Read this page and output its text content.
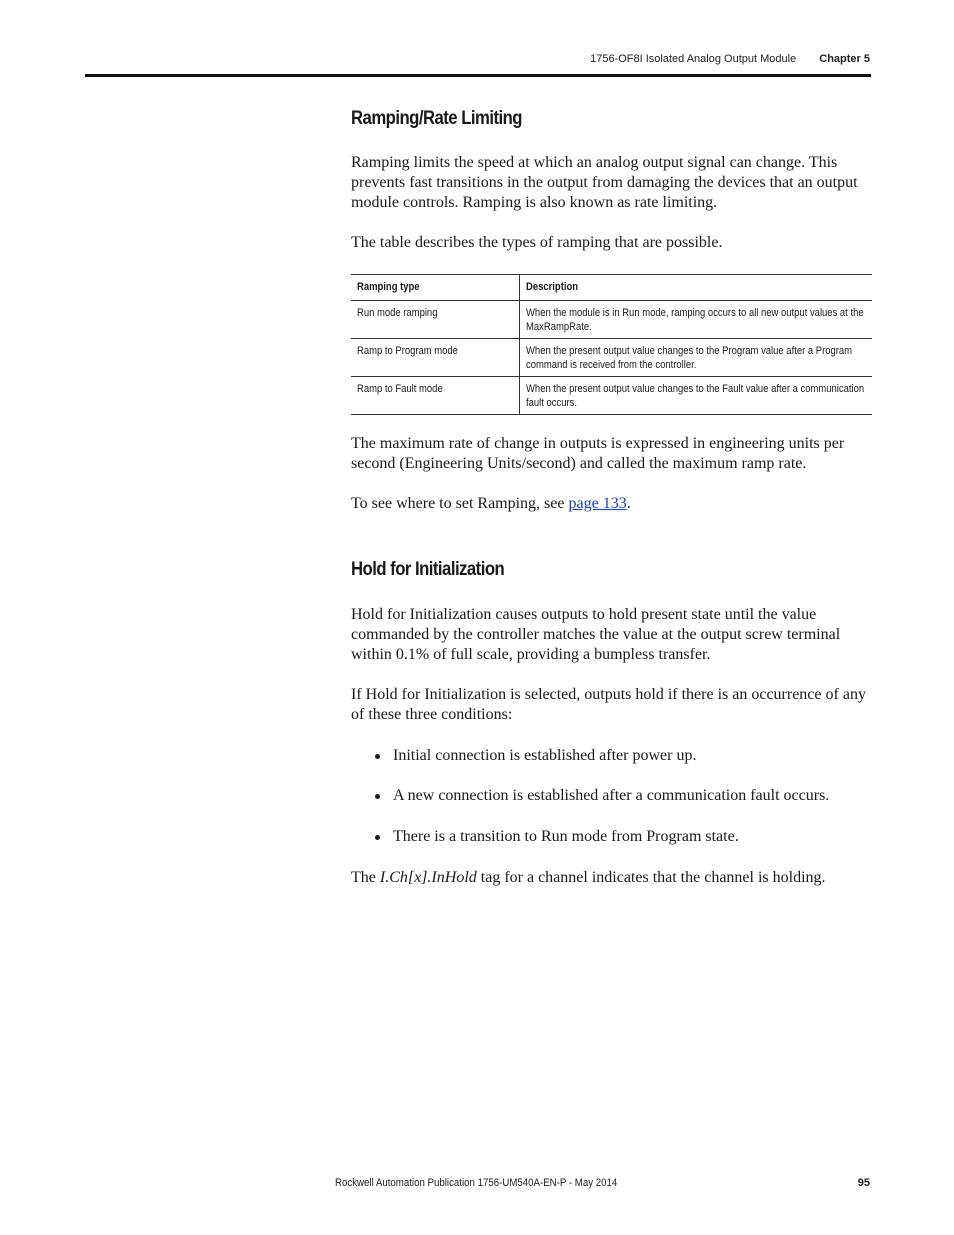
1756-OF8I Isolated Analog Output Module Chapter 5
Ramping/Rate Limiting

Ramping limits the speed at which an analog output signal can change. This prevents fast transitions in the output from damaging the devices that an output module controls. Ramping is also known as rate limiting.

The table describes the types of ramping that are possible.

Ramping type	Description
Run mode ramping	When the module is in Run mode, ramping occurs to all new output values at the MaxRampRate.
Ramp to Program mode	When the present output value changes to the Program value after a Program command is received from the controller.
Ramp to Fault mode	When the present output value changes to the Fault value after a communication fault occurs.

The maximum rate of change in outputs is expressed in engineering units per second (Engineering Units/second) and called the maximum ramp rate.

To see where to set Ramping, see page 133.

Hold for Initialization

Hold for Initialization causes outputs to hold present state until the value commanded by the controller matches the value at the output screw terminal within 0.1% of full scale, providing a bumpless transfer.

If Hold for Initialization is selected, outputs hold if there is an occurrence of any of these three conditions:

Initial connection is established after power up.
A new connection is established after a communication fault occurs.
There is a transition to Run mode from Program state.

The I.Ch[x].InHold tag for a channel indicates that the channel is holding.

Rockwell Automation Publication 1756-UM540A-EN-P - May 2014	95
